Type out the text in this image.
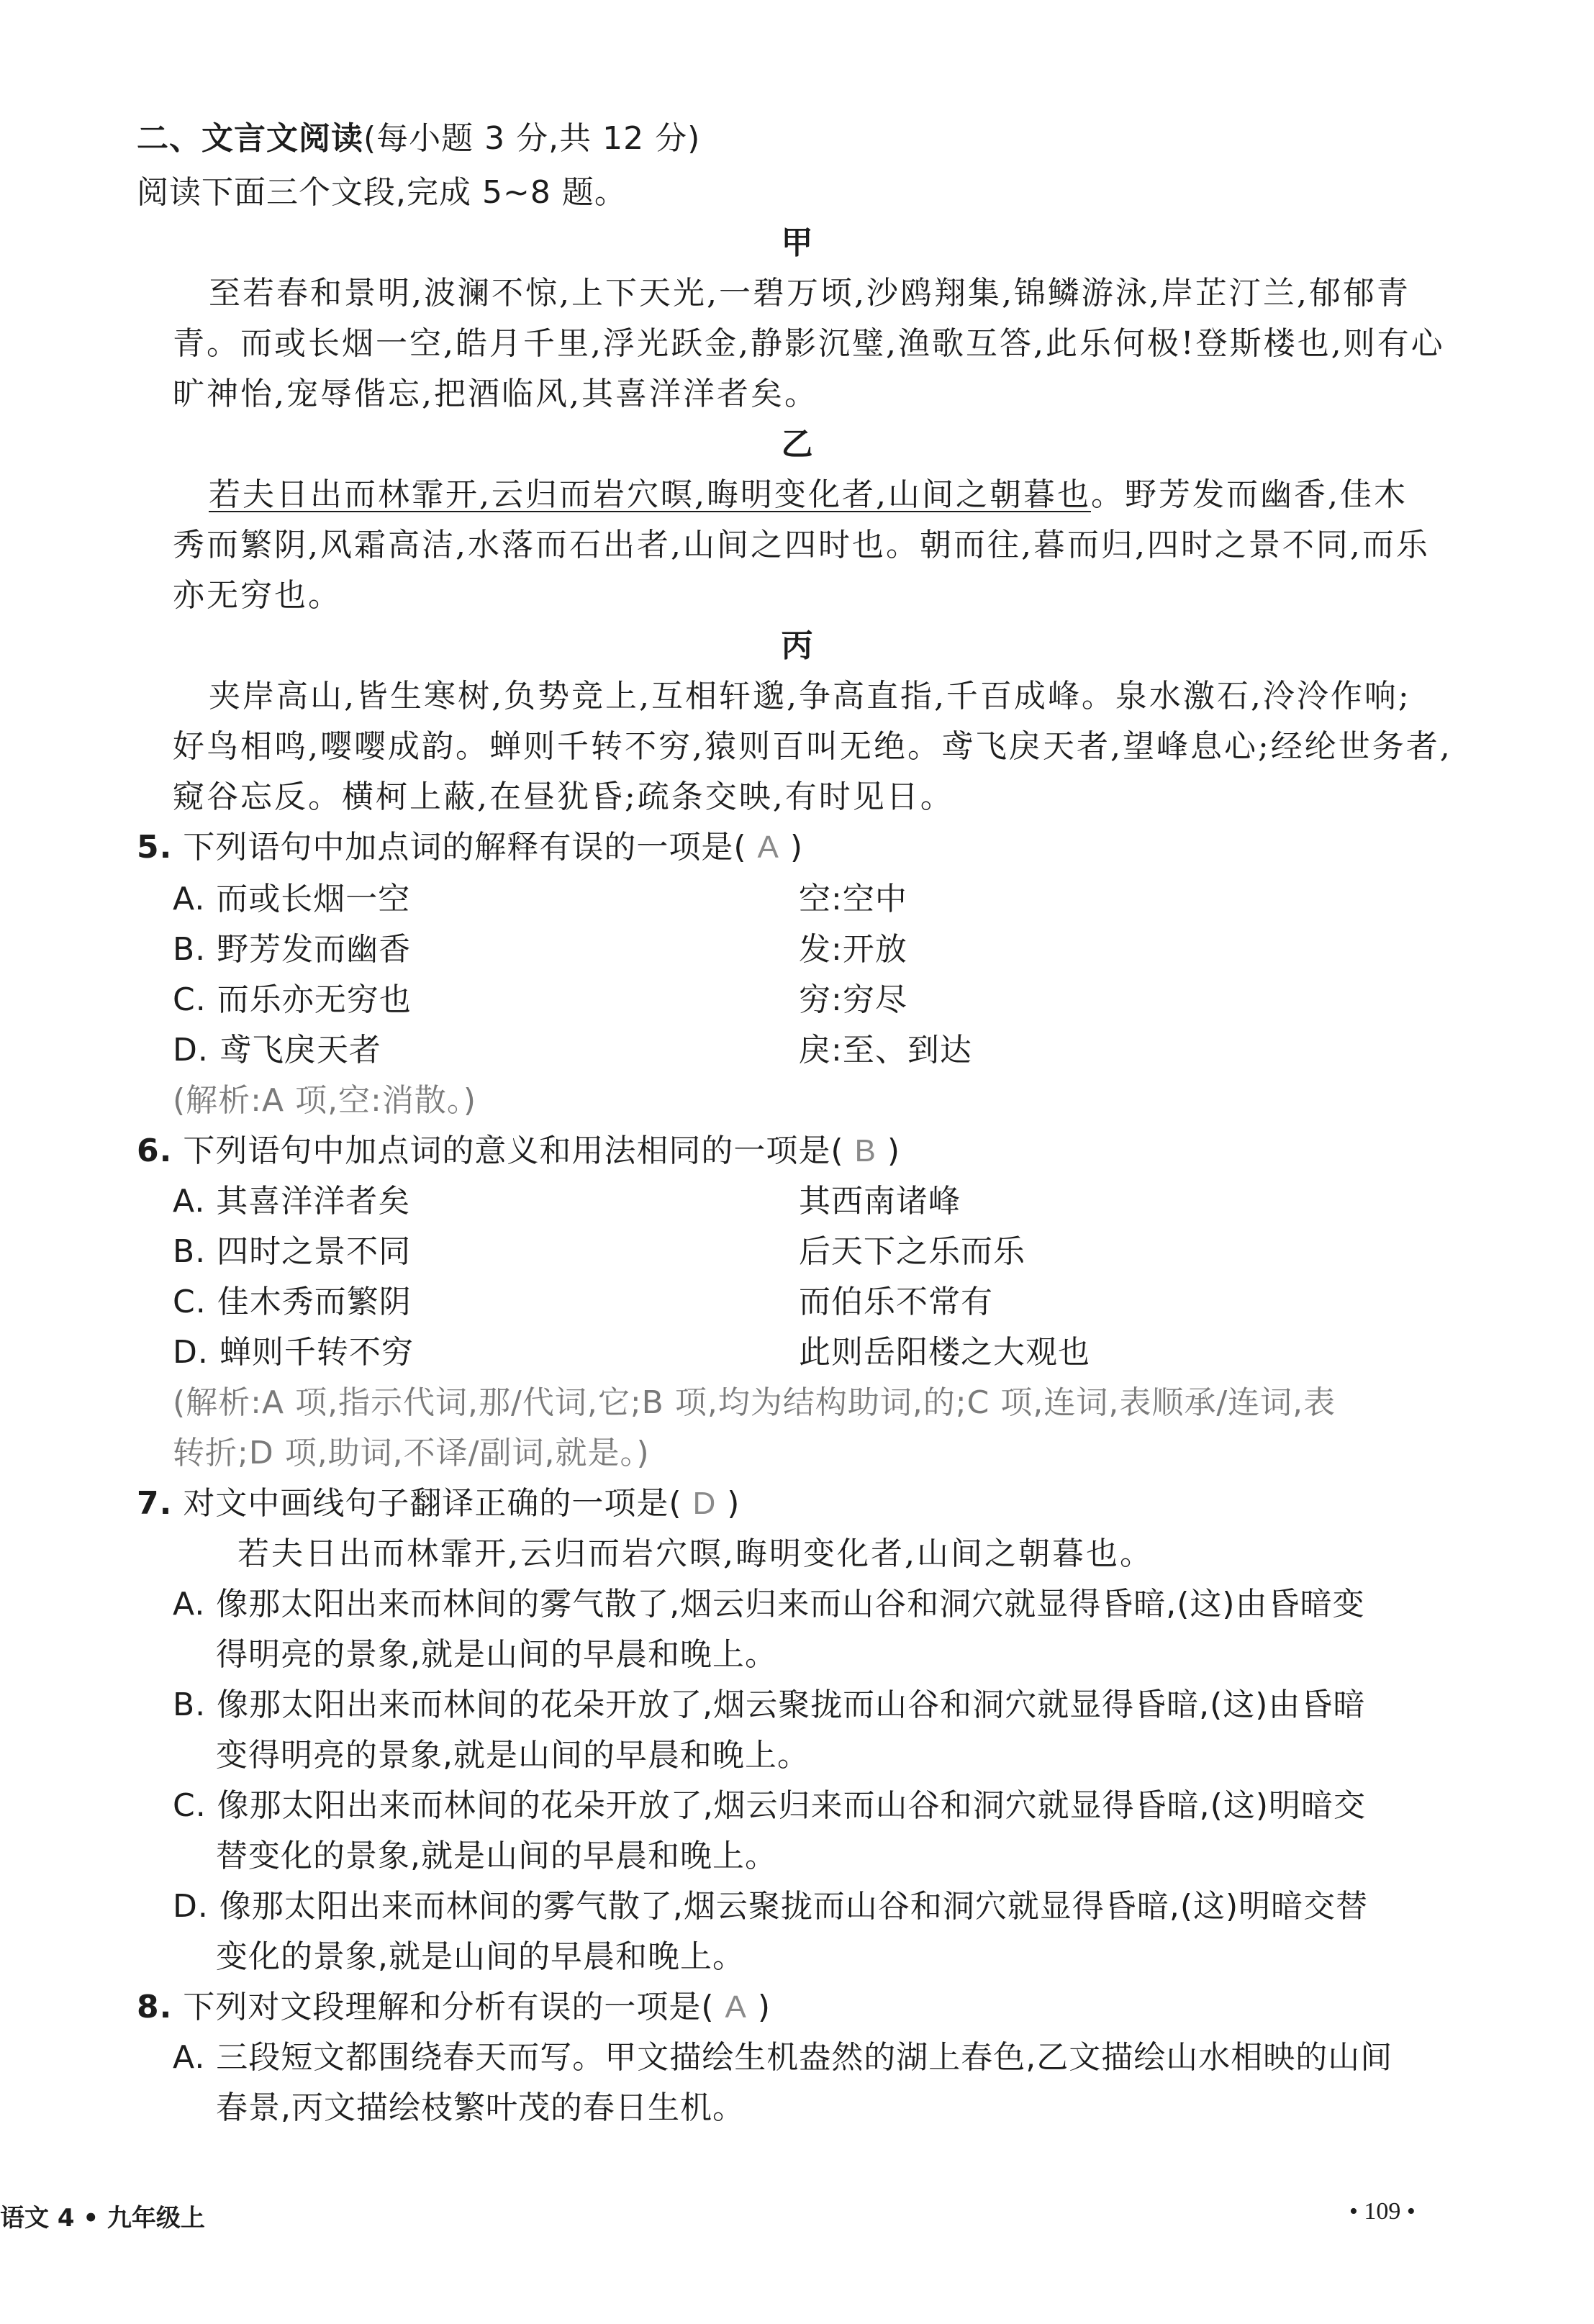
二、文言文阅读(每小题 3 分,共 12 分)
阅读下面三个文段,完成 5~8 题。
甲
至若春和景明,波澜不惊,上下天光,一碧万顷,沙鸥翔集,锦鳞游泳,岸芷汀兰,郁郁青
青。而或长烟一空,皓月千里,浮光跃金,静影沉璧,渔歌互答,此乐何极!登斯楼也,则有心
旷神怡,宠辱偕忘,把酒临风,其喜洋洋者矣。
乙
若夫日出而林霏开,云归而岩穴暝,晦明变化者,山间之朝暮也。野芳发而幽香,佳木
秀而繁阴,风霜高洁,水落而石出者,山间之四时也。朝而往,暮而归,四时之景不同,而乐
亦无穷也。
丙
夹岸高山,皆生寒树,负势竞上,互相轩邈,争高直指,千百成峰。泉水激石,泠泠作响;
好鸟相鸣,嘤嘤成韵。蝉则千转不穷,猿则百叫无绝。鸢飞戾天者,望峰息心;经纶世务者,
窥谷忘反。横柯上蔽,在昼犹昏;疏条交映,有时见日。
5. 下列语句中加点词的解释有误的一项是( A )
A. 而或长烟一空	空:空中
B. 野芳发而幽香	发:开放
C. 而乐亦无穷也	穷:穷尽
D. 鸢飞戾天者	戾:至、到达
(解析:A 项,空:消散。)
6. 下列语句中加点词的意义和用法相同的一项是( B )
A. 其喜洋洋者矣	其西南诸峰
B. 四时之景不同	后天下之乐而乐
C. 佳木秀而繁阴	而伯乐不常有
D. 蝉则千转不穷	此则岳阳楼之大观也
(解析:A 项,指示代词,那/代词,它;B 项,均为结构助词,的;C 项,连词,表顺承/连词,表
转折;D 项,助词,不译/副词,就是。)
7. 对文中画线句子翻译正确的一项是( D )
若夫日出而林霏开,云归而岩穴暝,晦明变化者,山间之朝暮也。
A. 像那太阳出来而林间的雾气散了,烟云归来而山谷和洞穴就显得昏暗,(这)由昏暗变
得明亮的景象,就是山间的早晨和晚上。
B. 像那太阳出来而林间的花朵开放了,烟云聚拢而山谷和洞穴就显得昏暗,(这)由昏暗
变得明亮的景象,就是山间的早晨和晚上。
C. 像那太阳出来而林间的花朵开放了,烟云归来而山谷和洞穴就显得昏暗,(这)明暗交
替变化的景象,就是山间的早晨和晚上。
D. 像那太阳出来而林间的雾气散了,烟云聚拢而山谷和洞穴就显得昏暗,(这)明暗交替
变化的景象,就是山间的早晨和晚上。
8. 下列对文段理解和分析有误的一项是( A )
A. 三段短文都围绕春天而写。甲文描绘生机盎然的湖上春色,乙文描绘山水相映的山间
春景,丙文描绘枝繁叶茂的春日生机。
语文 4 • 九年级上	• 109 •
